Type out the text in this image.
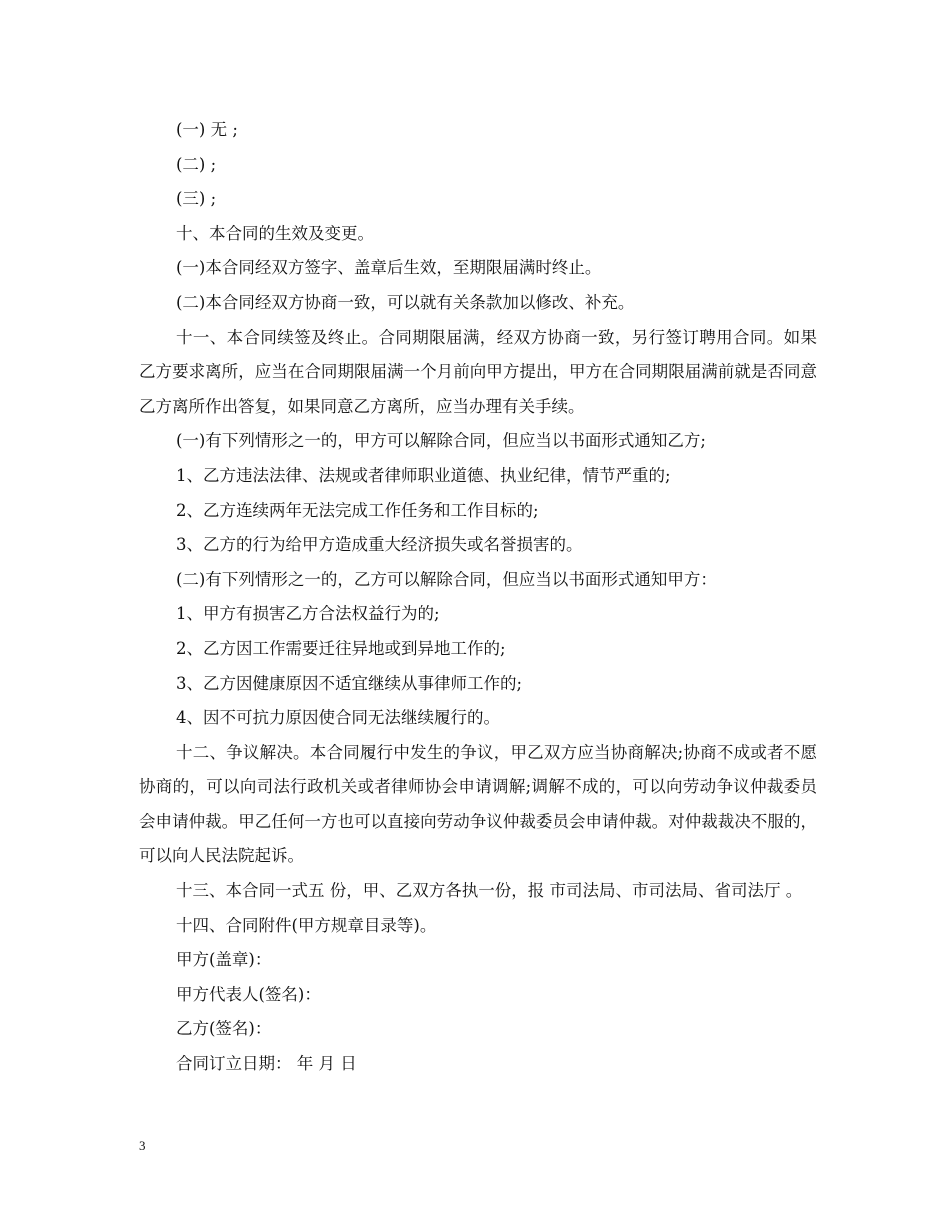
(一) 无 ;

(二) ;

(三) ;

十、本合同的生效及变更。

(一)本合同经双方签字、盖章后生效，至期限届满时终止。

(二)本合同经双方协商一致，可以就有关条款加以修改、补充。

十一、本合同续签及终止。合同期限届满，经双方协商一致，另行签订聘用合同。如果乙方要求离所，应当在合同期限届满一个月前向甲方提出，甲方在合同期限届满前就是否同意乙方离所作出答复，如果同意乙方离所，应当办理有关手续。

(一)有下列情形之一的，甲方可以解除合同，但应当以书面形式通知乙方;

1、乙方违法法律、法规或者律师职业道德、执业纪律，情节严重的;

2、乙方连续两年无法完成工作任务和工作目标的;

3、乙方的行为给甲方造成重大经济损失或名誉损害的。

(二)有下列情形之一的，乙方可以解除合同，但应当以书面形式通知甲方：

1、甲方有损害乙方合法权益行为的;

2、乙方因工作需要迁往异地或到异地工作的;

3、乙方因健康原因不适宜继续从事律师工作的;

4、因不可抗力原因使合同无法继续履行的。

十二、争议解决。本合同履行中发生的争议，甲乙双方应当协商解决;协商不成或者不愿协商的，可以向司法行政机关或者律师协会申请调解;调解不成的，可以向劳动争议仲裁委员会申请仲裁。甲乙任何一方也可以直接向劳动争议仲裁委员会申请仲裁。对仲裁裁决不服的，可以向人民法院起诉。

十三、本合同一式五 份，甲、乙双方各执一份，报 市司法局、市司法局、省司法厅 。

十四、合同附件(甲方规章目录等)。

甲方(盖章)：

甲方代表人(签名)：

乙方(签名)：

合同订立日期： 年 月 日

3
